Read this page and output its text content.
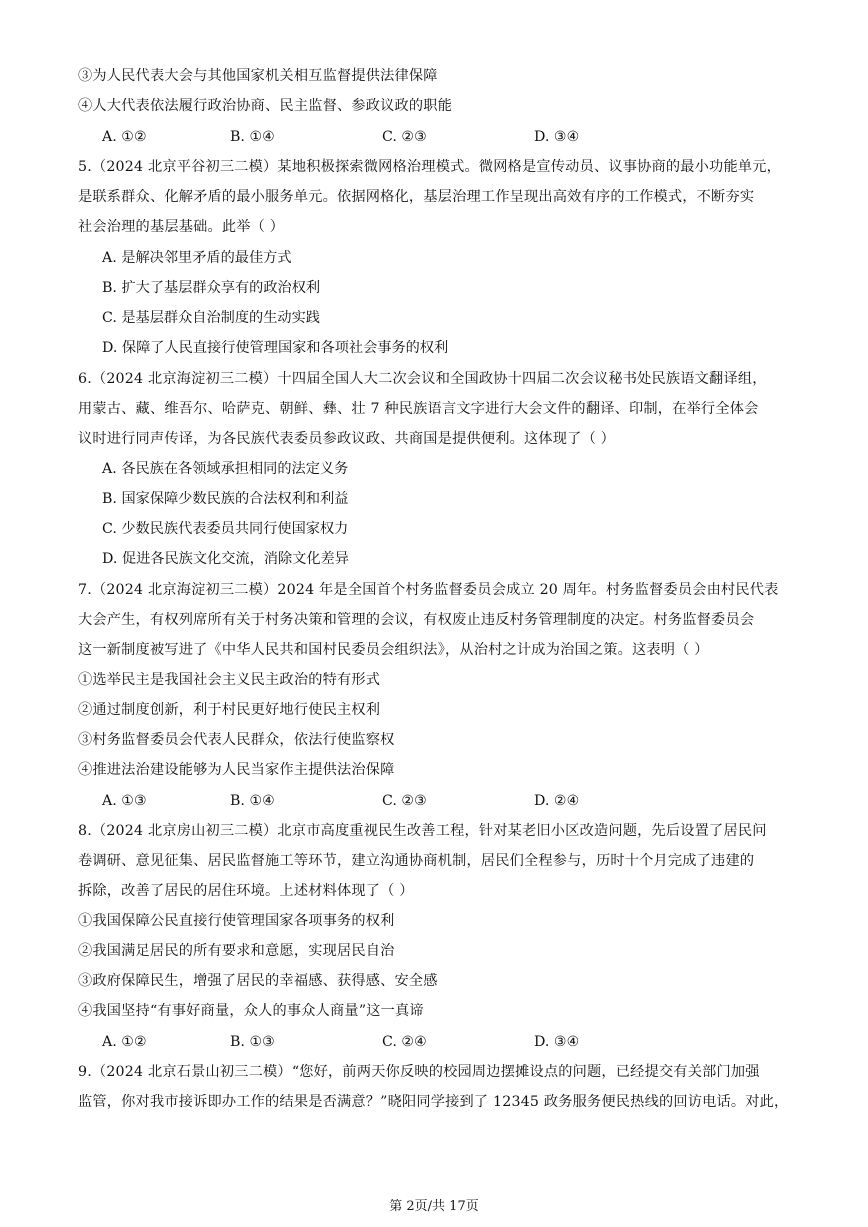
③为人民代表大会与其他国家机关相互监督提供法律保障
④人大代表依法履行政治协商、民主监督、参政议政的职能
A. ①②	B. ①④	C. ②③	D. ③④
5.（2024 北京平谷初三二模）某地积极探索微网格治理模式。微网格是宣传动员、议事协商的最小功能单元，
是联系群众、化解矛盾的最小服务单元。依据网格化，基层治理工作呈现出高效有序的工作模式，不断夯实
社会治理的基层基础。此举（ ）
A. 是解决邻里矛盾的最佳方式
B. 扩大了基层群众享有的政治权利
C. 是基层群众自治制度的生动实践
D. 保障了人民直接行使管理国家和各项社会事务的权利
6.（2024 北京海淀初三二模）十四届全国人大二次会议和全国政协十四届二次会议秘书处民族语文翻译组，
用蒙古、藏、维吾尔、哈萨克、朝鲜、彝、壮 7 种民族语言文字进行大会文件的翻译、印制，在举行全体会
议时进行同声传译，为各民族代表委员参政议政、共商国是提供便利。这体现了（ ）
A. 各民族在各领域承担相同的法定义务
B. 国家保障少数民族的合法权利和利益
C. 少数民族代表委员共同行使国家权力
D. 促进各民族文化交流，消除文化差异
7.（2024 北京海淀初三二模）2024 年是全国首个村务监督委员会成立 20 周年。村务监督委员会由村民代表
大会产生，有权列席所有关于村务决策和管理的会议，有权废止违反村务管理制度的决定。村务监督委员会
这一新制度被写进了《中华人民共和国村民委员会组织法》，从治村之计成为治国之策。这表明（ ）
①选举民主是我国社会主义民主政治的特有形式
②通过制度创新，利于村民更好地行使民主权利
③村务监督委员会代表人民群众，依法行使监察权
④推进法治建设能够为人民当家作主提供法治保障
A. ①③	B. ①④	C. ②③	D. ②④
8.（2024 北京房山初三二模）北京市高度重视民生改善工程，针对某老旧小区改造问题，先后设置了居民问
卷调研、意见征集、居民监督施工等环节，建立沟通协商机制，居民们全程参与，历时十个月完成了违建的
拆除，改善了居民的居住环境。上述材料体现了（ ）
①我国保障公民直接行使管理国家各项事务的权利
②我国满足居民的所有要求和意愿，实现居民自治
③政府保障民生，增强了居民的幸福感、获得感、安全感
④我国坚持“有事好商量，众人的事众人商量”这一真谛
A. ①②	B. ①③	C. ②④	D. ③④
9.（2024 北京石景山初三二模）“您好，前两天你反映的校园周边摆摊设点的问题，已经提交有关部门加强
监管，你对我市接诉即办工作的结果是否满意？”晓阳同学接到了 12345 政务服务便民热线的回访电话。对此，
第 2页/共 17页
